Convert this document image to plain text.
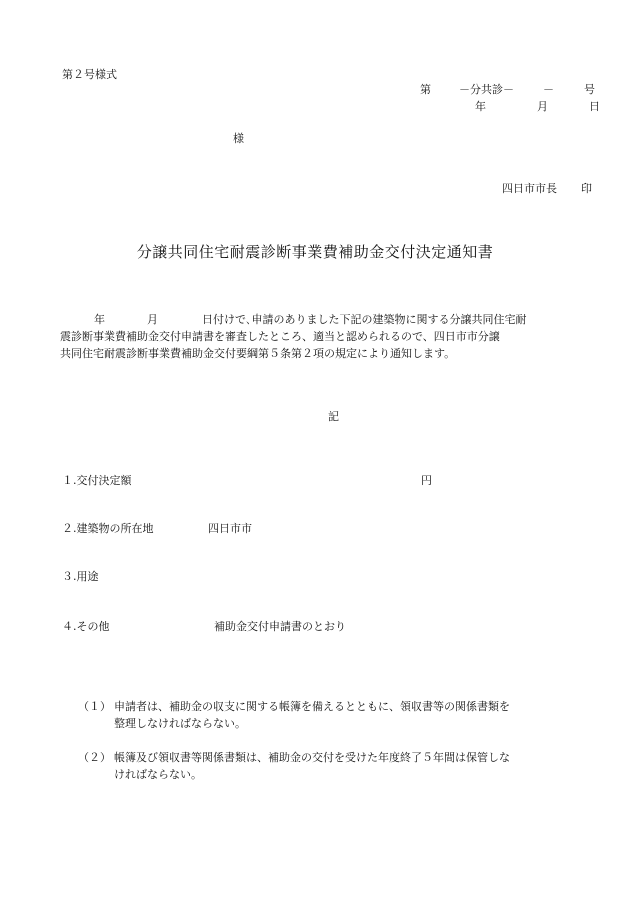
第２号様式
第	－分共診－	－	号
年	月	日
様
四日市市長 印
分譲共同住宅耐震診断事業費補助金交付決定通知書
年	月	日付けで､申請のありました下記の建築物に関する分譲共同住宅耐
震診断事業費補助金交付申請書を審査したところ、適当と認められるので、四日市市分譲
共同住宅耐震診断事業費補助金交付要綱第５条第２項の規定により通知します。
記
１.交付決定額	円
２.建築物の所在地	四日市市
３.用途
４.その他	補助金交付申請書のとおり
（１） 申請者は、補助金の収支に関する帳簿を備えるとともに、領収書等の関係書類を
整理しなければならない。
（２） 帳簿及び領収書等関係書類は、補助金の交付を受けた年度終了５年間は保管しな
ければならない。
